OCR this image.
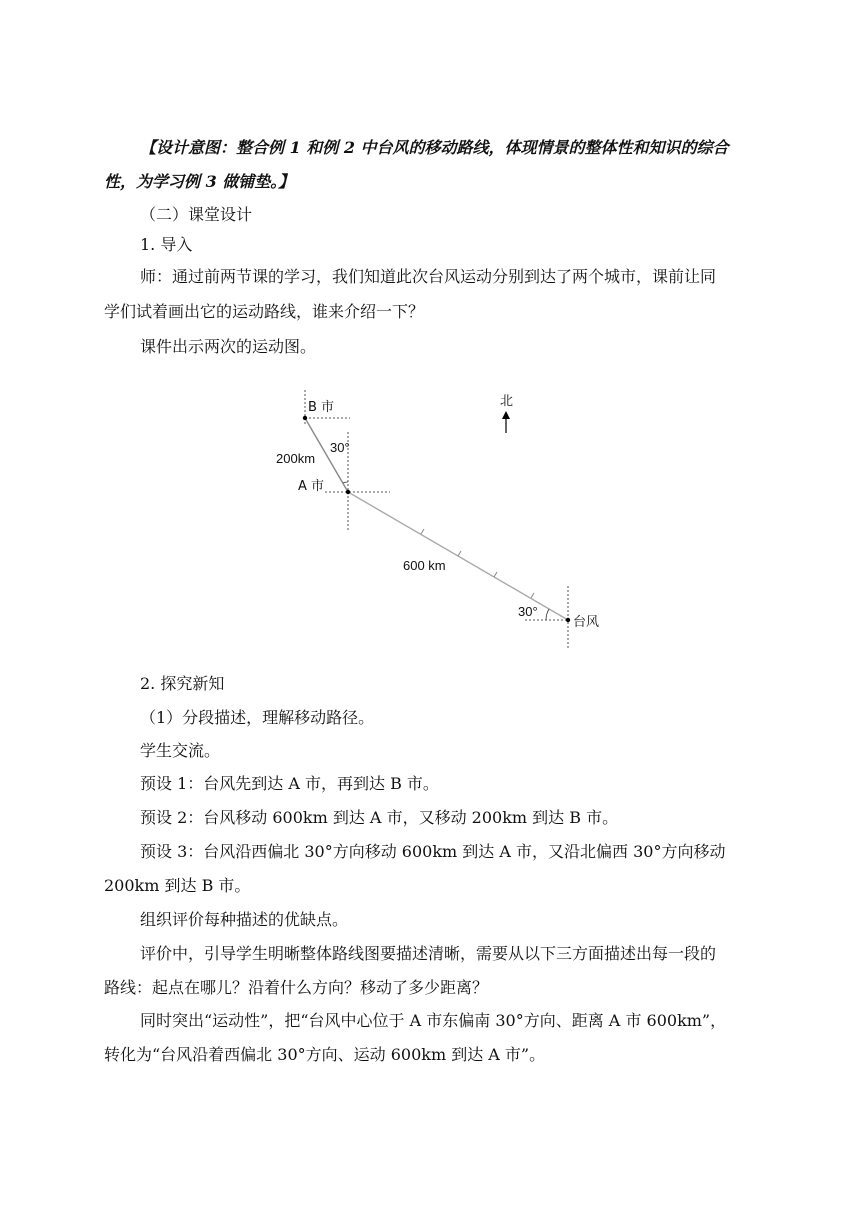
【设计意图：整合例 1 和例 2 中台风的移动路线，体现情景的整体性和知识的综合
性，为学习例 3 做铺垫。】
（二）课堂设计
1. 导入
师：通过前两节课的学习，我们知道此次台风运动分别到达了两个城市，课前让同
学们试着画出它的运动路线，谁来介绍一下？
课件出示两次的运动图。
B 市
A 市
台风
北
200km
600 km
30°
30°
2. 探究新知
（1）分段描述，理解移动路径。
学生交流。
预设 1：台风先到达 A 市，再到达 B 市。
预设 2：台风移动 600km 到达 A 市，又移动 200km 到达 B 市。
预设 3：台风沿西偏北 30°方向移动 600km 到达 A 市，又沿北偏西 30°方向移动
200km 到达 B 市。
组织评价每种描述的优缺点。
评价中，引导学生明晰整体路线图要描述清晰，需要从以下三方面描述出每一段的
路线：起点在哪儿？沿着什么方向？移动了多少距离？
同时突出“运动性”，把“台风中心位于 A 市东偏南 30°方向、距离 A 市 600km”，
转化为“台风沿着西偏北 30°方向、运动 600km 到达 A 市”。
